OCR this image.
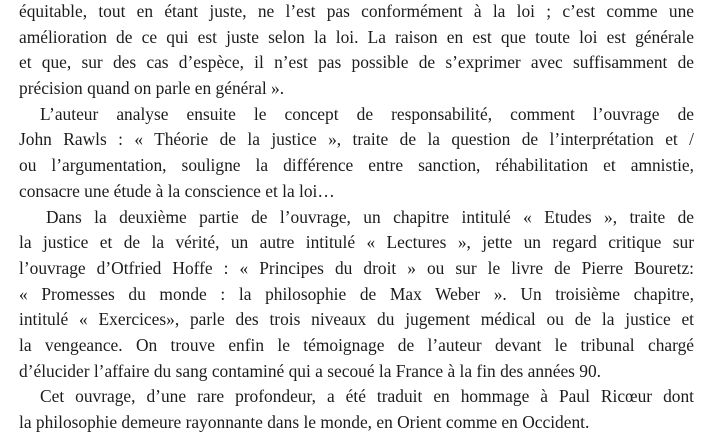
équitable, tout en étant juste, ne l’est pas conformément à la loi ; c’est comme une
amélioration de ce qui est juste selon la loi. La raison en est que toute loi est générale
et que, sur des cas d’espèce, il n’est pas possible de s’exprimer avec suffisamment de
précision quand on parle en général ».
L’auteur analyse ensuite le concept de responsabilité, comment l’ouvrage de
John Rawls : « Théorie de la justice », traite de la question de l’interprétation et /
ou l’argumentation, souligne la différence entre sanction, réhabilitation et amnistie,
consacre une étude à la conscience et la loi…
Dans la deuxième partie de l’ouvrage, un chapitre intitulé « Etudes », traite de
la justice et de la vérité, un autre intitulé « Lectures », jette un regard critique sur
l’ouvrage d’Otfried Hoffe : « Principes du droit » ou sur le livre de Pierre Bouretz:
« Promesses du monde : la philosophie de Max Weber ». Un troisième chapitre,
intitulé « Exercices», parle des trois niveaux du jugement médical ou de la justice et
la vengeance. On trouve enfin le témoignage de l’auteur devant le tribunal chargé
d’élucider l’affaire du sang contaminé qui a secoué la France à la fin des années 90.
Cet ouvrage, d’une rare profondeur, a été traduit en hommage à Paul Ricœur dont
la philosophie demeure rayonnante dans le monde, en Orient comme en Occident.
